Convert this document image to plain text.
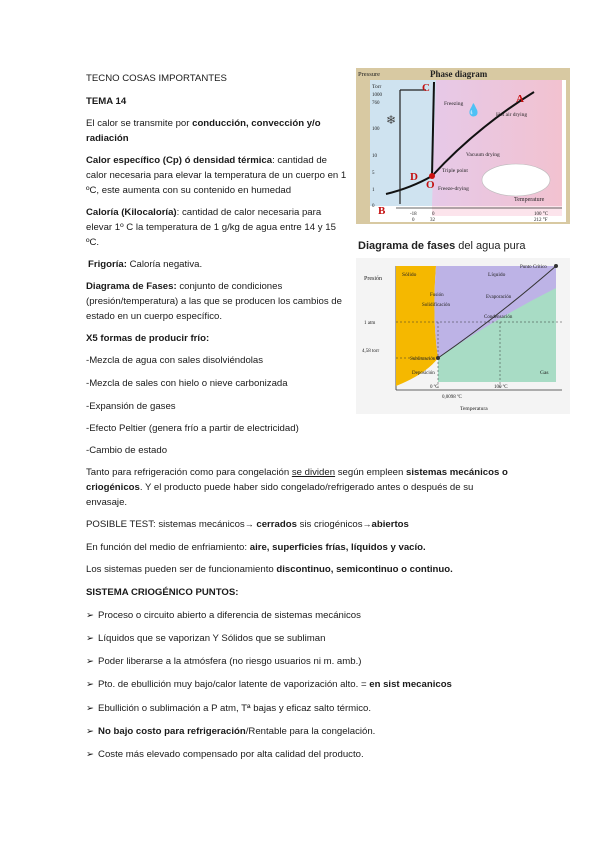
TECNO COSAS IMPORTANTES

TEMA 14

El calor se transmite por conducción, convección y/o radiación

Calor específico (Cp) ó densidad térmica: cantidad de calor necesaria para elevar la temperatura de un cuerpo en 1 ºC, este aumenta con su contenido en humedad

Caloría (Kilocaloría): cantidad de calor necesaria para elevar 1º C la temperatura de 1 g/kg de agua entre 14 y 15 ºC.

Frigoría: Caloría negativa.

Diagrama de Fases: conjunto de condiciones (presión/temperatura) a las que se producen los cambios de estado en un cuerpo específico.

X5 formas de producir frío:

-Mezcla de agua con sales disolviéndolas

-Mezcla de sales con hielo o nieve carbonizada

-Expansión de gases

-Efecto Peltier (genera frío a partir de electricidad)

-Cambio de estado

Tanto para refrigeración como para congelación se dividen según empleen sistemas mecánicos o criogénicos. Y el producto puede haber sido congelado/refrigerado antes o después de su envasaje.

POSIBLE TEST: sistemas mecánicos→ cerrados sis criogénicos→abiertos

En función del medio de enfriamiento: aire, superficies frías, líquidos y vacío.

Los sistemas pueden ser de funcionamiento discontinuo, semicontinuo o continuo.

SISTEMA CRIOGÉNICO PUNTOS:

➢ Proceso o circuito abierto a diferencia de sistemas mecánicos

➢ Líquidos que se vaporizan Y Sólidos que se subliman

➢ Poder liberarse a la atmósfera (no riesgo usuarios ni m. amb.)

➢ Pto. de ebullición muy bajo/calor latente de vaporización alto. = en sist mecanicos

➢ Ebullición o sublimación a P atm, Tª bajas y eficaz salto térmico.

➢ No bajo costo para refrigeración/Rentable para la congelación.

➢ Coste más elevado compensado por alta calidad del producto.

Pressure	Phase diagram
Torr
1000
760
100
10
5
1
0
-18	0	100 °C
0	32	212 °F
Temperature
C
A
B
D
O
❄
💧
Freezing
Hot air drying
Vacuum drying
Triple point
Freeze-drying
Diagrama de fases del agua pura
Presión
Sólido	Líquido
Punto Crítico
Fusión
Solidificación
Evaporación
Condensación
1 atm
4,58 torr
Sublimación
Deposición	Gas
0 ºC	100 ºC
0,0098 ºC
Temperatura
